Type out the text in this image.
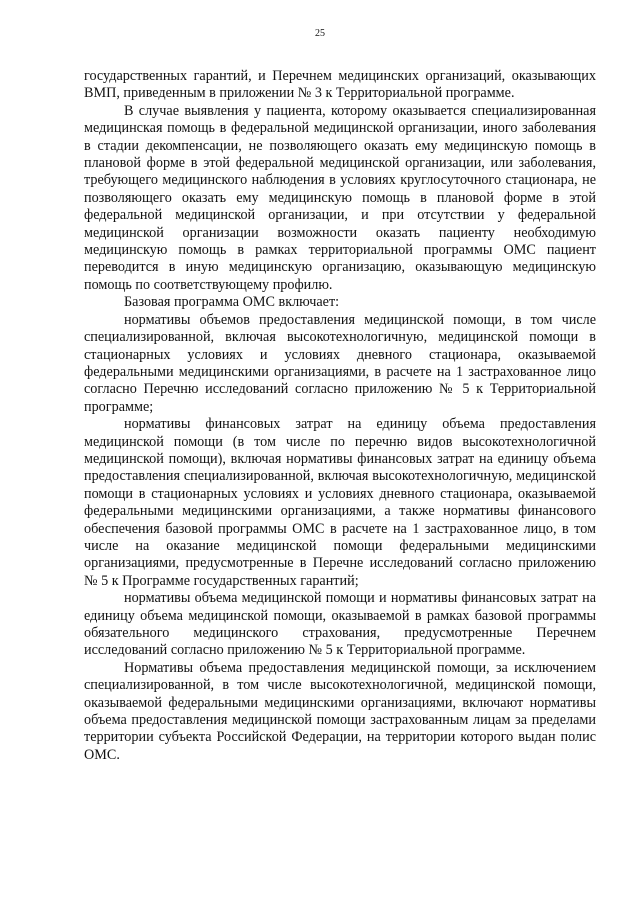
25

государственных гарантий, и Перечнем медицинских организаций, оказывающих ВМП, приведенным в приложении № 3 к Территориальной программе.

В случае выявления у пациента, которому оказывается специализированная медицинская помощь в федеральной медицинской организации, иного заболевания в стадии декомпенсации, не позволяющего оказать ему медицинскую помощь в плановой форме в этой федеральной медицинской организации, или заболевания, требующего медицинского наблюдения в условиях круглосуточного стационара, не позволяющего оказать ему медицинскую помощь в плановой форме в этой федеральной медицинской организации, и при отсутствии у федеральной медицинской организации возможности оказать пациенту необходимую медицинскую помощь в рамках территориальной программы ОМС пациент переводится в иную медицинскую организацию, оказывающую медицинскую помощь по соответствующему профилю.

Базовая программа ОМС включает:

нормативы объемов предоставления медицинской помощи, в том числе специализированной, включая высокотехнологичную, медицинской помощи в стационарных условиях и условиях дневного стационара, оказываемой федеральными медицинскими организациями, в расчете на 1 застрахованное лицо согласно Перечню исследований согласно приложению № 5 к Территориальной программе;

нормативы финансовых затрат на единицу объема предоставления медицинской помощи (в том числе по перечню видов высокотехнологичной медицинской помощи), включая нормативы финансовых затрат на единицу объема предоставления специализированной, включая высокотехнологичную, медицинской помощи в стационарных условиях и условиях дневного стационара, оказываемой федеральными медицинскими организациями, а также нормативы финансового обеспечения базовой программы ОМС в расчете на 1 застрахованное лицо, в том числе на оказание медицинской помощи федеральными медицинскими организациями, предусмотренные в Перечне исследований согласно приложению № 5 к Программе государственных гарантий;

нормативы объема медицинской помощи и нормативы финансовых затрат на единицу объема медицинской помощи, оказываемой в рамках базовой программы обязательного медицинского страхования, предусмотренные Перечнем исследований согласно приложению № 5 к Территориальной программе.

Нормативы объема предоставления медицинской помощи, за исключением специализированной, в том числе высокотехнологичной, медицинской помощи, оказываемой федеральными медицинскими организациями, включают нормативы объема предоставления медицинской помощи застрахованным лицам за пределами территории субъекта Российской Федерации, на территории которого выдан полис ОМС.
